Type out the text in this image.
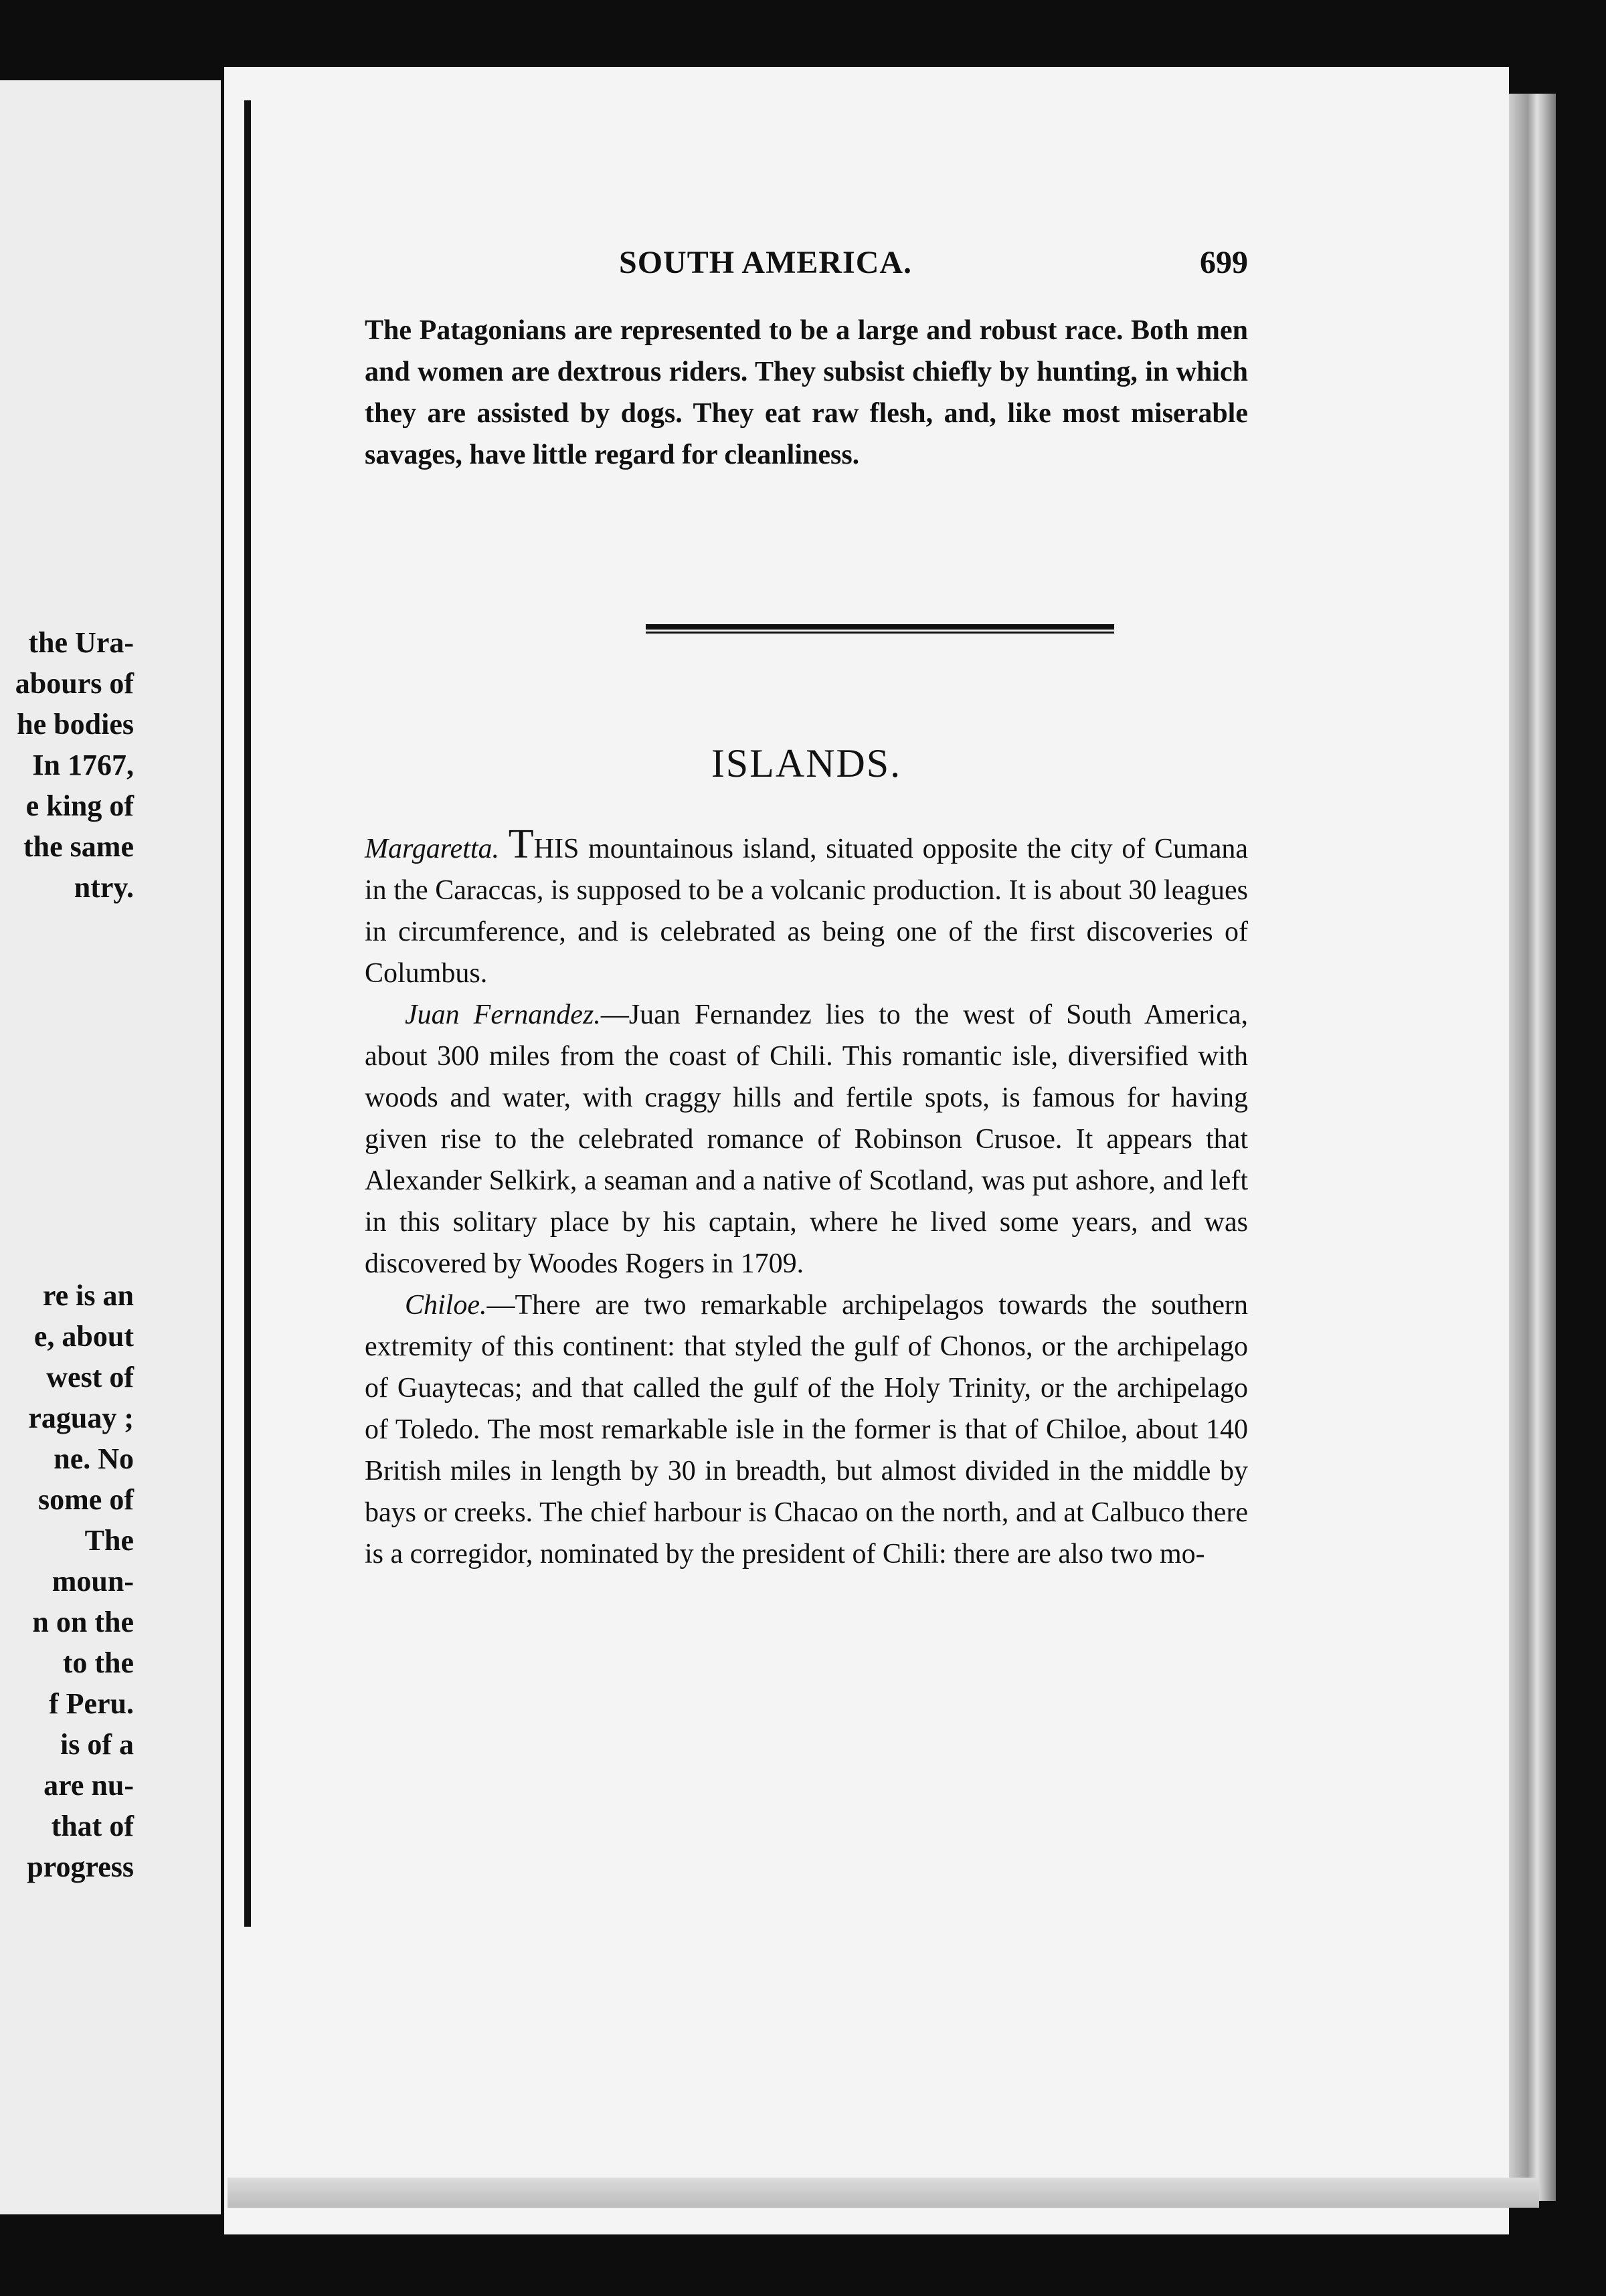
the Ura-
abours of
he bodies
In 1767,
e king of
the same
ntry.

re is an
e, about
west of
raguay ;
ne. No
some of
The
moun-
n on the
to the
f Peru.
is of a
are nu-
that of
progress
SOUTH AMERICA.	699

The Patagonians are represented to be a large and robust race. Both men and women are dextrous riders. They subsist chiefly by hunting, in which they are assisted by dogs. They eat raw flesh, and, like most miserable savages, have little regard for cleanliness.

ISLANDS.

Margaretta. THIS mountainous island, situated opposite the city of Cumana in the Caraccas, is supposed to be a volcanic production. It is about 30 leagues in circumference, and is celebrated as being one of the first discoveries of Columbus.

Juan Fernandez.—Juan Fernandez lies to the west of South America, about 300 miles from the coast of Chili. This romantic isle, diversified with woods and water, with craggy hills and fertile spots, is famous for having given rise to the celebrated romance of Robinson Crusoe. It appears that Alexander Selkirk, a seaman and a native of Scotland, was put ashore, and left in this solitary place by his captain, where he lived some years, and was discovered by Woodes Rogers in 1709.

Chiloe.—There are two remarkable archipelagos towards the southern extremity of this continent: that styled the gulf of Chonos, or the archipelago of Guaytecas; and that called the gulf of the Holy Trinity, or the archipelago of Toledo. The most remarkable isle in the former is that of Chiloe, about 140 British miles in length by 30 in breadth, but almost divided in the middle by bays or creeks. The chief harbour is Chacao on the north, and at Calbuco there is a corregidor, nominated by the president of Chili: there are also two mo-
